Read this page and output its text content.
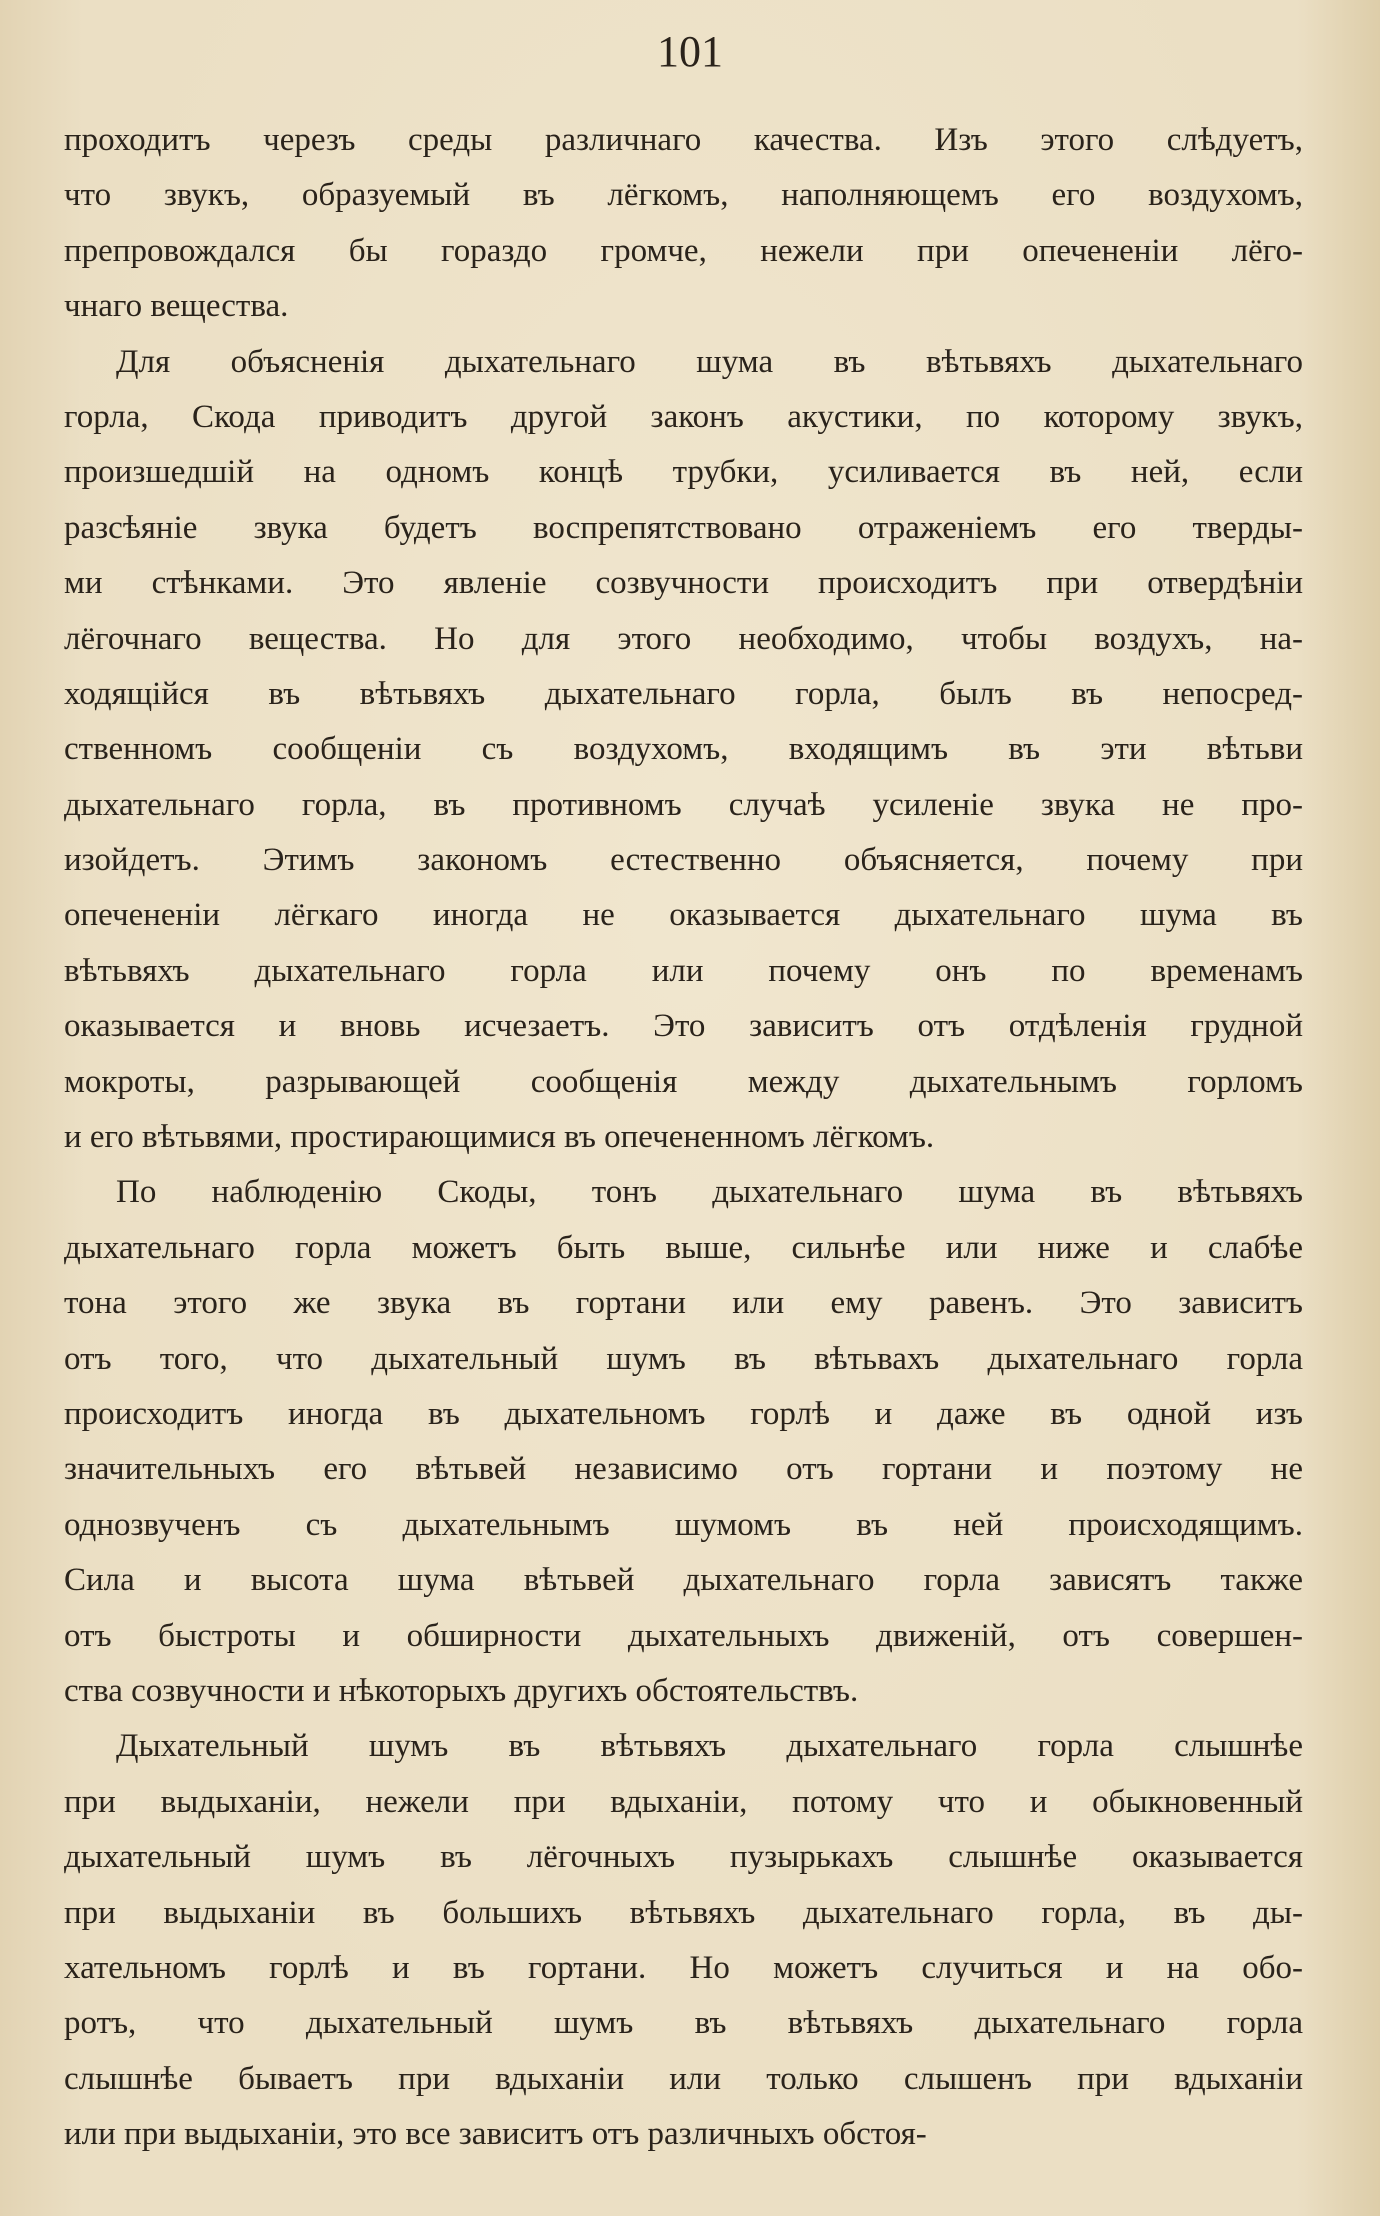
101
проходитъ черезъ среды различнаго качества. Изъ этого слѣдуетъ,
что звукъ, образуемый въ лёгкомъ, наполняющемъ его воздухомъ,
препровождался бы гораздо громче, нежели при опечененіи лёго-
чнаго вещества.
Для объясненія дыхательнаго шума въ вѣтьвяхъ дыхательнаго
горла, Скода приводитъ другой законъ акустики, по которому звукъ,
произшедшій на одномъ концѣ трубки, усиливается въ ней, если
разсѣяніе звука будетъ воспрепятствовано отраженіемъ его тверды-
ми стѣнками. Это явленіе созвучности происходитъ при отвердѣніи
лёгочнаго вещества. Но для этого необходимо, чтобы воздухъ, на-
ходящійся въ вѣтьвяхъ дыхательнаго горла, былъ въ непосред-
ственномъ сообщеніи съ воздухомъ, входящимъ въ эти вѣтьви
дыхательнаго горла, въ противномъ случаѣ усиленіе звука не про-
изойдетъ. Этимъ закономъ естественно объясняется, почему при
опечененіи лёгкаго иногда не оказывается дыхательнаго шума въ
вѣтьвяхъ дыхательнаго горла или почему онъ по временамъ
оказывается и вновь исчезаетъ. Это зависитъ отъ отдѣленія грудной
мокроты, разрывающей сообщенія между дыхательнымъ горломъ
и его вѣтьвями, простирающимися въ опечененномъ лёгкомъ.
По наблюденію Скоды, тонъ дыхательнаго шума въ вѣтьвяхъ
дыхательнаго горла можетъ быть выше, сильнѣе или ниже и слабѣе
тона этого же звука въ гортани или ему равенъ. Это зависитъ
отъ того, что дыхательный шумъ въ вѣтьвахъ дыхательнаго горла
происходитъ иногда въ дыхательномъ горлѣ и даже въ одной изъ
значительныхъ его вѣтьвей независимо отъ гортани и поэтому не
однозвученъ съ дыхательнымъ шумомъ въ ней происходящимъ.
Сила и высота шума вѣтьвей дыхательнаго горла зависятъ также
отъ быстроты и обширности дыхательныхъ движеній, отъ совершен-
ства созвучности и нѣкоторыхъ другихъ обстоятельствъ.
Дыхательный шумъ въ вѣтьвяхъ дыхательнаго горла слышнѣе
при выдыханіи, нежели при вдыханіи, потому что и обыкновенный
дыхательный шумъ въ лёгочныхъ пузырькахъ слышнѣе оказывается
при выдыханіи въ большихъ вѣтьвяхъ дыхательнаго горла, въ ды-
хательномъ горлѣ и въ гортани. Но можетъ случиться и на обо-
ротъ, что дыхательный шумъ въ вѣтьвяхъ дыхательнаго горла
слышнѣе бываетъ при вдыханіи или только слышенъ при вдыханіи
или при выдыханіи, это все зависитъ отъ различныхъ обстоя-
